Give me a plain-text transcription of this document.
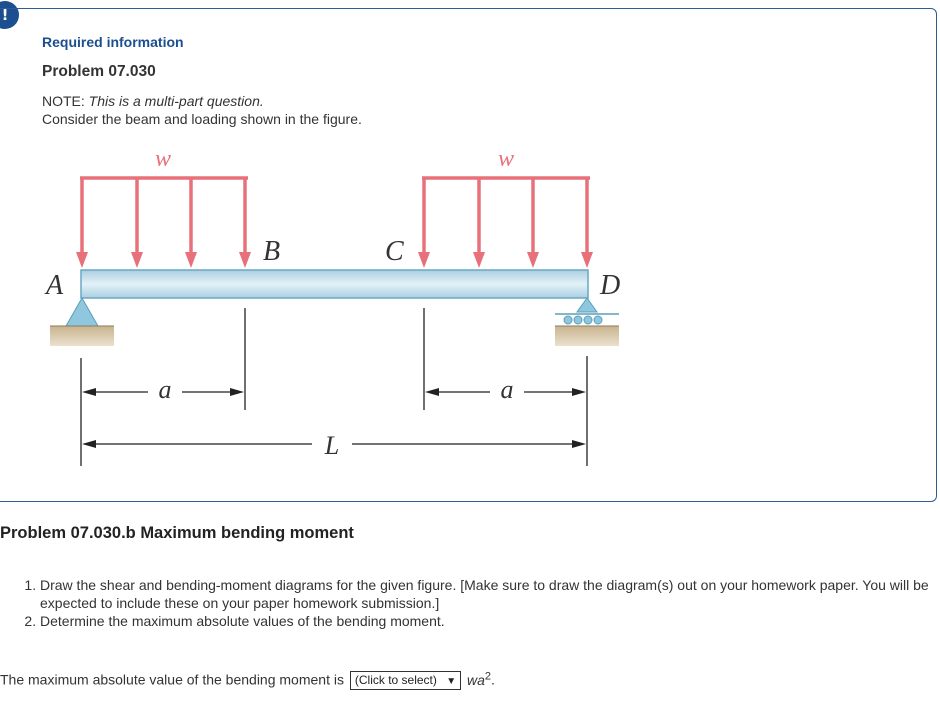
!
Required information
Problem 07.030
NOTE: This is a multi-part question.
Consider the beam and loading shown in the figure.
w	w
A
B	C
D
a	a
L
Problem 07.030.b Maximum bending moment
1. Draw the shear and bending-moment diagrams for the given figure. [Make sure to draw the diagram(s) out on your homework paper. You will be expected to include these on your paper homework submission.]
2. Determine the maximum absolute values of the bending moment.
The maximum absolute value of the bending moment is (Click to select) ▼ $wa^2$.
